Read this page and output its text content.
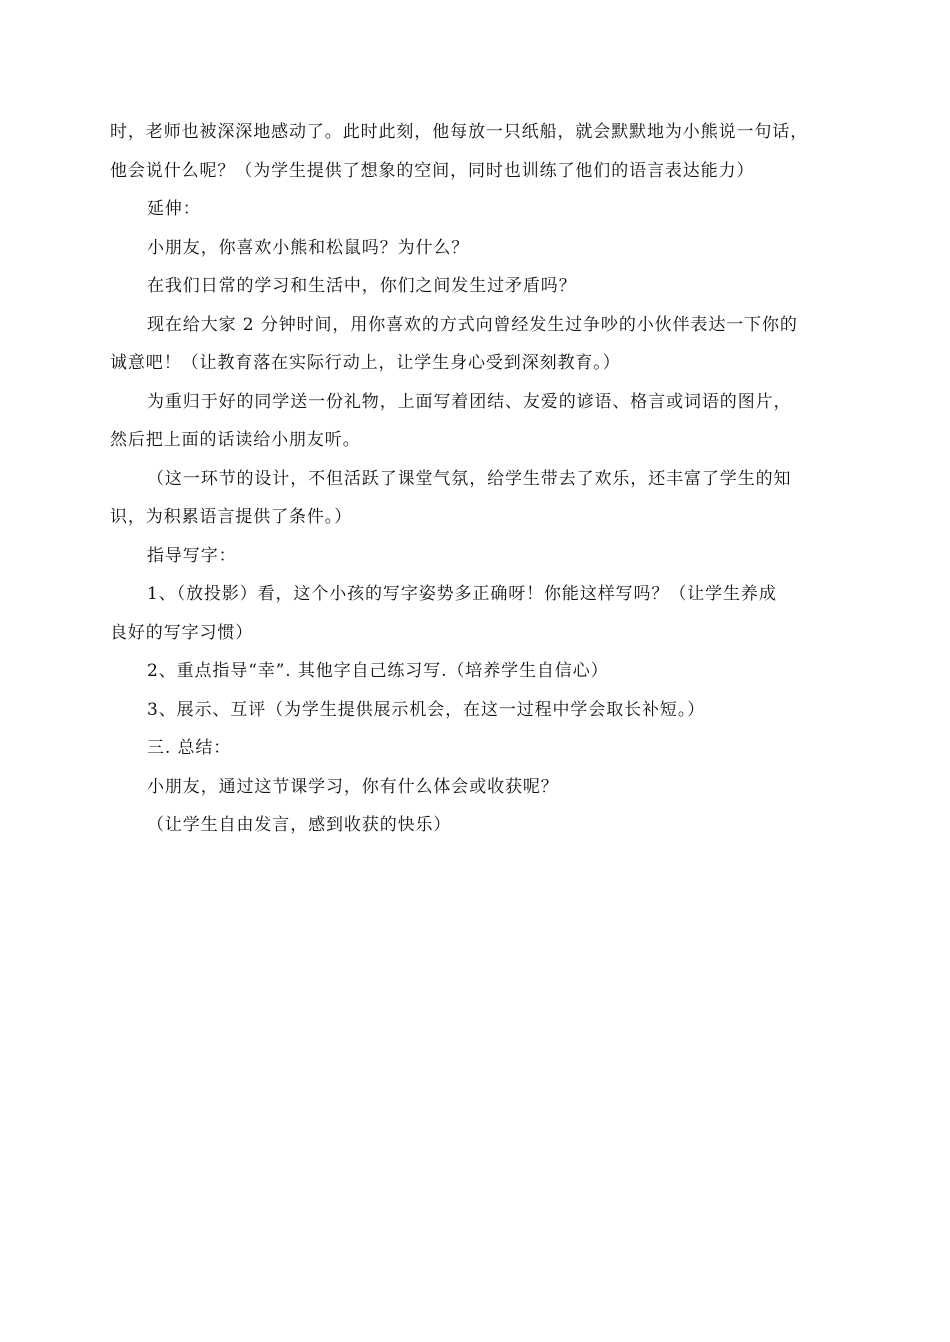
时，老师也被深深地感动了。此时此刻，他每放一只纸船，就会默默地为小熊说一句话，
他会说什么呢？（为学生提供了想象的空间，同时也训练了他们的语言表达能力）
延伸：
小朋友，你喜欢小熊和松鼠吗？为什么？
在我们日常的学习和生活中，你们之间发生过矛盾吗？
现在给大家 2 分钟时间，用你喜欢的方式向曾经发生过争吵的小伙伴表达一下你的
诚意吧！（让教育落在实际行动上，让学生身心受到深刻教育。）
为重归于好的同学送一份礼物，上面写着团结、友爱的谚语、格言或词语的图片，
然后把上面的话读给小朋友听。
（这一环节的设计，不但活跃了课堂气氛，给学生带去了欢乐，还丰富了学生的知
识，为积累语言提供了条件。）
指导写字：
1、（放投影）看，这个小孩的写字姿势多正确呀！你能这样写吗？（让学生养成
良好的写字习惯）
2、重点指导“幸”. 其他字自己练习写.（培养学生自信心）
3、展示、互评（为学生提供展示机会，在这一过程中学会取长补短。）
三. 总结：
小朋友，通过这节课学习，你有什么体会或收获呢？
（让学生自由发言，感到收获的快乐）
